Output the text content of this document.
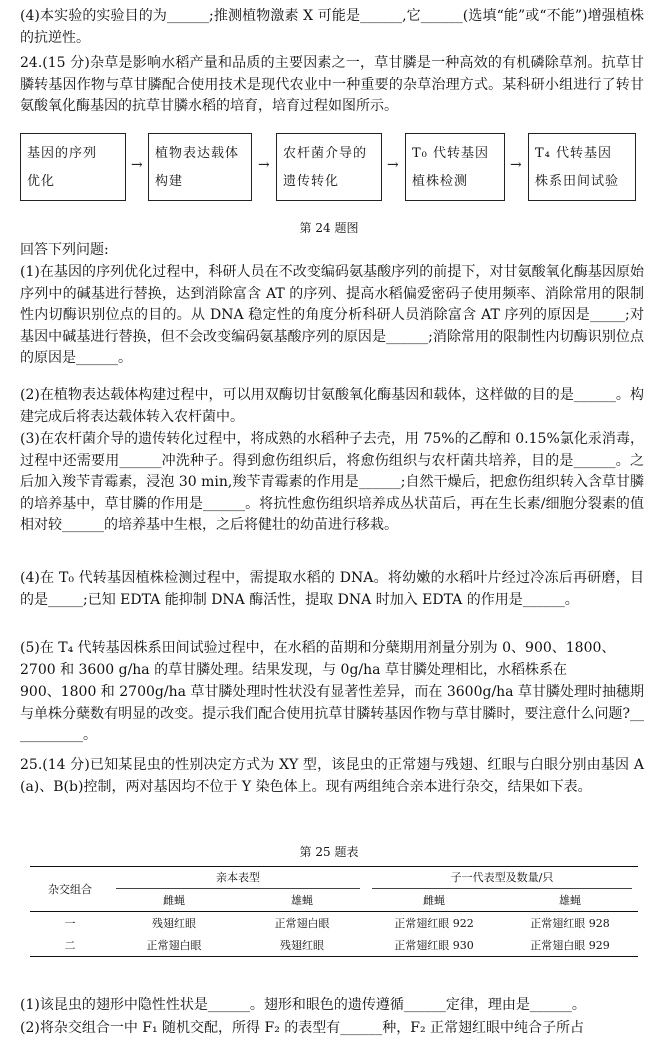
(4)本实验的实验目的为______;推测植物激素 X 可能是______,它______(选填“能”或“不能”)增强植株的抗逆性。
24.(15 分)杂草是影响水稻产量和品质的主要因素之一，草甘膦是一种高效的有机磷除草剂。抗草甘膦转基因作物与草甘膦配合使用技术是现代农业中一种重要的杂草治理方式。某科研小组进行了转甘氨酸氧化酶基因的抗草甘膦水稻的培育，培育过程如图所示。
基因的序列
优化
→
植物表达载体
构建
→
农杆菌介导的
遗传转化
→
T₀ 代转基因
植株检测
→
T₄ 代转基因
株系田间试验
第 24 题图
回答下列问题:
(1)在基因的序列优化过程中，科研人员在不改变编码氨基酸序列的前提下，对甘氨酸氧化酶基因原始序列中的碱基进行替换，达到消除富含 AT 的序列、提高水稻偏爱密码子使用频率、消除常用的限制性内切酶识别位点的目的。从 DNA 稳定性的角度分析科研人员消除富含 AT 序列的原因是_____;对基因中碱基进行替换，但不会改变编码氨基酸序列的原因是______;消除常用的限制性内切酶识别位点的原因是______。
(2)在植物表达载体构建过程中，可以用双酶切甘氨酸氧化酶基因和载体，这样做的目的是______。构建完成后将表达载体转入农杆菌中。
(3)在农杆菌介导的遗传转化过程中，将成熟的水稻种子去壳，用 75%的乙醇和 0.15%氯化汞消毒，过程中还需要用______冲洗种子。得到愈伤组织后，将愈伤组织与农杆菌共培养，目的是______。之后加入羧苄青霉素，浸泡 30 min,羧苄青霉素的作用是______;自然干燥后，把愈伤组织转入含草甘膦的培养基中，草甘膦的作用是______。将抗性愈伤组织培养成丛状苗后，再在生长素/细胞分裂素的值相对较______的培养基中生根，之后将健壮的幼苗进行移栽。
(4)在 T₀ 代转基因植株检测过程中，需提取水稻的 DNA。将幼嫩的水稻叶片经过冷冻后再研磨，目的是_____;已知 EDTA 能抑制 DNA 酶活性，提取 DNA 时加入 EDTA 的作用是______。
(5)在 T₄ 代转基因株系田间试验过程中，在水稻的苗期和分蘖期用剂量分别为 0、900、1800、
2700 和 3600 g/ha 的草甘膦处理。结果发现，与 0g/ha 草甘膦处理相比，水稻株系在
900、1800 和 2700g/ha 草甘膦处理时性状没有显著性差异，而在 3600g/ha 草甘膦处理时抽穗期与单株分蘖数有明显的改变。提示我们配合使用抗草甘膦转基因作物与草甘膦时，要注意什么问题?___________。
25.(14 分)已知某昆虫的性别决定方式为 XY 型，该昆虫的正常翅与残翅、红眼与白眼分别由基因 A(a)、B(b)控制，两对基因均不位于 Y 染色体上。现有两组纯合亲本进行杂交，结果如下表。
第 25 题表
杂交组合	亲本表型		子一代表型及数量/只	

	雌蝇	雄蝇	雌蝇	雄蝇
一	残翅红眼	正常翅白眼	正常翅红眼 922	正常翅红眼 928
二	正常翅白眼	残翅红眼	正常翅红眼 930	正常翅白眼 929
(1)该昆虫的翅形中隐性性状是______。翅形和眼色的遗传遵循______定律，理由是______。
(2)将杂交组合一中 F₁ 随机交配，所得 F₂ 的表型有______种，F₂ 正常翅红眼中纯合子所占
